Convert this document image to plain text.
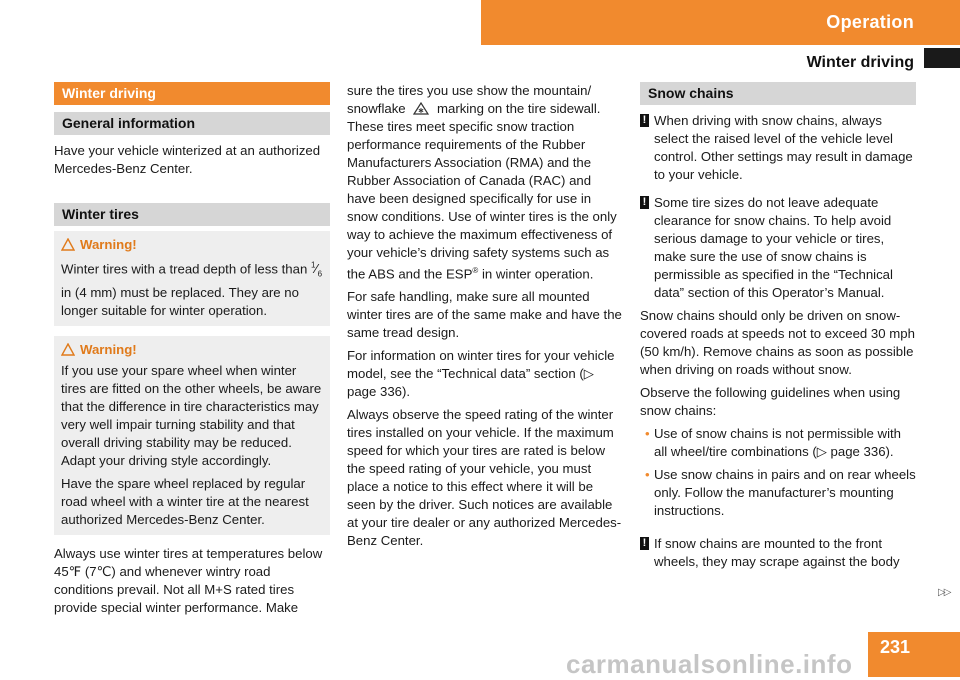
Operation
Winter driving
Winter driving
General information

Have your vehicle winterized at an authorized Mercedes-Benz Center.

Winter tires
Warning!
Winter tires with a tread depth of less than $^1⁄_6$ in (4 mm) must be replaced. They are no longer suitable for winter operation.
Warning!

If you use your spare wheel when winter tires are fitted on the other wheels, be aware that the difference in tire characteristics may very well impair turning stability and that overall driving stability may be reduced. Adapt your driving style accordingly.

Have the spare wheel replaced by regular road wheel with a winter tire at the nearest authorized Mercedes-Benz Center.

Always use winter tires at temperatures below 45℉ (7℃) and whenever wintry road conditions prevail. Not all M+S rated tires provide special winter performance. Make

sure the tires you use show the mountain/ snowflake marking on the tire sidewall. These tires meet specific snow traction performance requirements of the Rubber Manufacturers Association (RMA) and the Rubber Association of Canada (RAC) and have been designed specifically for use in snow conditions. Use of winter tires is the only way to achieve the maximum effectiveness of your vehicle’s driving safety systems such as the ABS and the ESP® in winter operation.

For safe handling, make sure all mounted winter tires are of the same make and have the same tread design.

For information on winter tires for your vehicle model, see the “Technical data” section (▷ page 336).

Always observe the speed rating of the winter tires installed on your vehicle. If the maximum speed for which your tires are rated is below the speed rating of your vehicle, you must place a notice to this effect where it will be seen by the driver. Such notices are available at your tire dealer or any authorized Mercedes-Benz Center.

Snow chains
! When driving with snow chains, always select the raised level of the vehicle level control. Other settings may result in damage to your vehicle.
! Some tire sizes do not leave adequate clearance for snow chains. To help avoid serious damage to your vehicle or tires, make sure the use of snow chains is permissible as specified in the “Technical data” section of this Operator’s Manual.

Snow chains should only be driven on snow-covered roads at speeds not to exceed 30 mph (50 km/h). Remove chains as soon as possible when driving on roads without snow.

Observe the following guidelines when using snow chains:

• Use of snow chains is not permissible with all wheel/tire combinations (▷ page 336).
• Use snow chains in pairs and on rear wheels only. Follow the manufacturer’s mounting instructions.
! If snow chains are mounted to the front wheels, they may scrape against the body
▷▷
231
carmanualsonline.info
